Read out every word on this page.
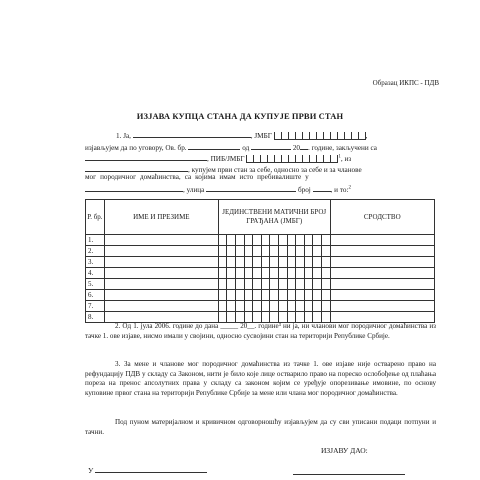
Образац ИКПС - ПДВ
ИЗЈАВА КУПЦА СТАНА ДА КУПУЈЕ ПРВИ СТАН
1. Ја,	, ЈМБГ	,
изјављујем да по уговору, Ов. бр.	од	20 . године, закључени са
, ПИБ/ЈМБГ	$^1$, из
, купујем први стан за себе, односно за себе и за чланове
мог породичног домаћинства, са којима имам исто пребивалиште у
, улица	број	, и то:$^2$
Р. бр.	ИМЕ И ПРЕЗИМЕ	ЈЕДИНСТВЕНИ МАТИЧНИ БРОЈ ГРАЂАНА (ЈМБГ)	СРОДСТВО
1.		

2.		

3.		

4.		

5.		

6.		

7.		

8.		

2. Од 1. јула 2006. године до дана _____ 20__. године³ ни ја, ни чланови мог породичног домаћинства из тачке 1. ове изјаве, нисмо имали у својини, односно сусвојини стан на територији Републике Србије.
3. За мене и чланове мог породичног домаћинства из тачке 1. ове изјаве није остварено право на рефундацију ПДВ у складу са Законом, нити је било које лице остварило право на пореско ослобођење од плаћања пореза на пренос апсолутних права у складу са законом којим се уређује опорезивање имовине, по основу куповине првог стана на територији Републике Србије за мене или члана мог породичног домаћинства.
Под пуном материјалном и кривичном одговорношћу изјављујем да су сви уписани подаци потпуни и тачни.
У
ИЗЈАВУ ДАО:
